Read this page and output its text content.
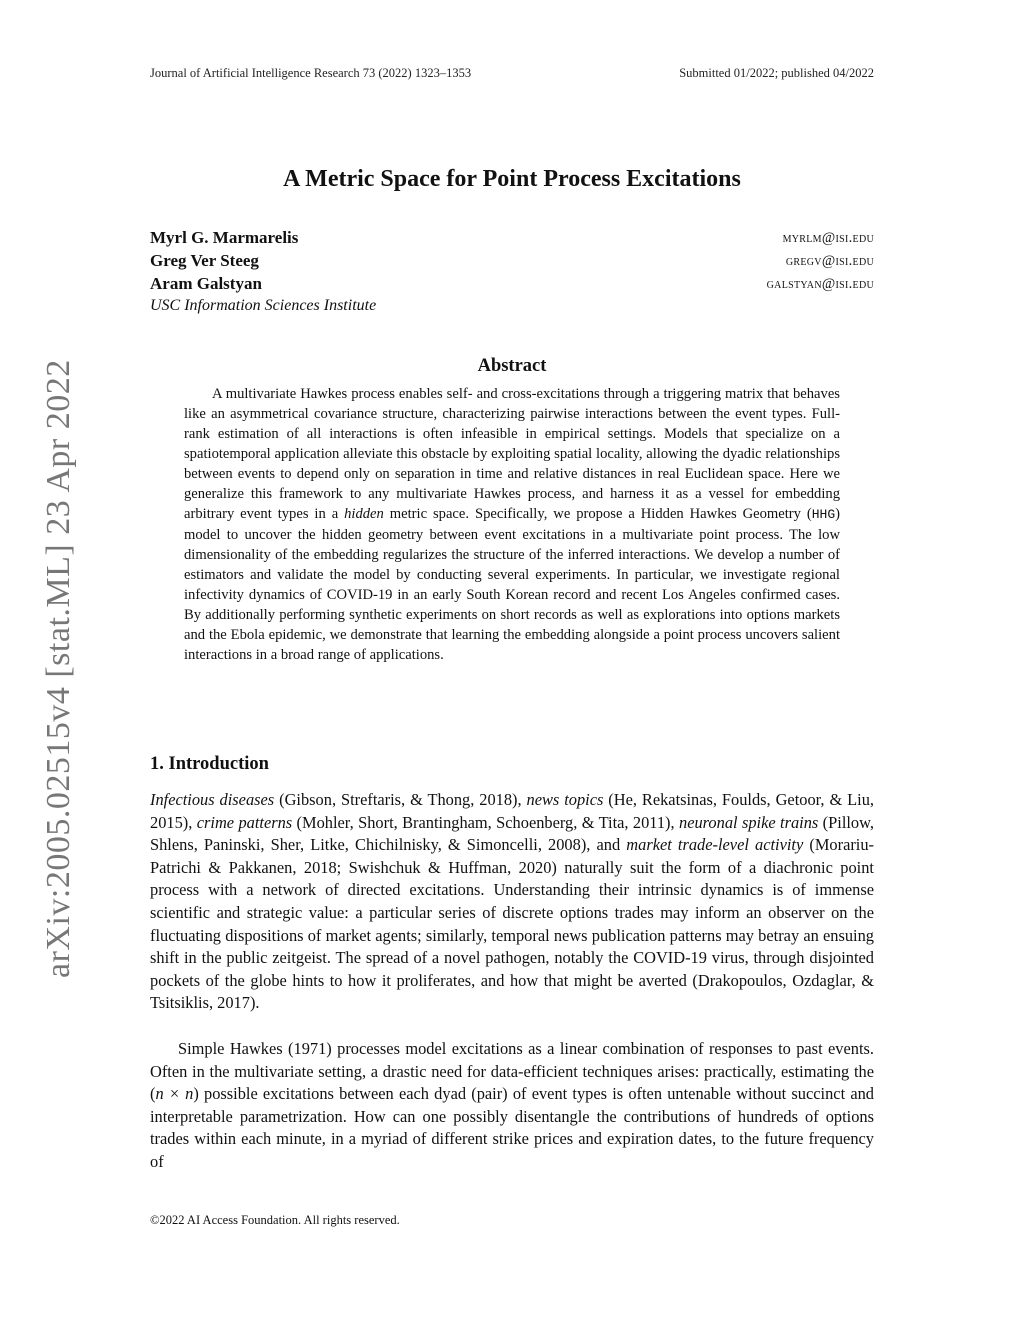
Journal of Artificial Intelligence Research 73 (2022) 1323–1353	Submitted 01/2022; published 04/2022
A Metric Space for Point Process Excitations
Myrl G. Marmarelis	myrlm@isi.edu
Greg Ver Steeg	gregv@isi.edu
Aram Galstyan	galstyan@isi.edu
USC Information Sciences Institute
arXiv:2005.02515v4 [stat.ML] 23 Apr 2022	Abstract
A multivariate Hawkes process enables self- and cross-excitations through a triggering matrix that behaves like an asymmetrical covariance structure, characterizing pairwise interactions between the event types. Full-rank estimation of all interactions is often infeasible in empirical settings. Models that specialize on a spatiotemporal application alleviate this obstacle by exploiting spatial locality, allowing the dyadic relationships between events to depend only on separation in time and relative distances in real Euclidean space. Here we generalize this framework to any multivariate Hawkes process, and harness it as a vessel for embedding arbitrary event types in a hidden metric space. Specifically, we propose a Hidden Hawkes Geometry (HHG) model to uncover the hidden geometry between event excitations in a multivariate point process. The low dimensionality of the embedding regularizes the structure of the inferred interactions. We develop a number of estimators and validate the model by conducting several experiments. In particular, we investigate regional infectivity dynamics of COVID-19 in an early South Korean record and recent Los Angeles confirmed cases. By additionally performing synthetic experiments on short records as well as explorations into options markets and the Ebola epidemic, we demonstrate that learning the embedding alongside a point process uncovers salient interactions in a broad range of applications.
1. Introduction
Infectious diseases (Gibson, Streftaris, & Thong, 2018), news topics (He, Rekatsinas, Foulds, Getoor, & Liu, 2015), crime patterns (Mohler, Short, Brantingham, Schoenberg, & Tita, 2011), neuronal spike trains (Pillow, Shlens, Paninski, Sher, Litke, Chichilnisky, & Simoncelli, 2008), and market trade-level activity (Morariu-Patrichi & Pakkanen, 2018; Swishchuk & Huffman, 2020) naturally suit the form of a diachronic point process with a network of directed excitations. Understanding their intrinsic dynamics is of immense scientific and strategic value: a particular series of discrete options trades may inform an observer on the fluctuating dispositions of market agents; similarly, temporal news publication patterns may betray an ensuing shift in the public zeitgeist. The spread of a novel pathogen, notably the COVID-19 virus, through disjointed pockets of the globe hints to how it proliferates, and how that might be averted (Drakopoulos, Ozdaglar, & Tsitsiklis, 2017).
Simple Hawkes (1971) processes model excitations as a linear combination of responses to past events. Often in the multivariate setting, a drastic need for data-efficient techniques arises: practically, estimating the (n × n) possible excitations between each dyad (pair) of event types is often untenable without succinct and interpretable parametrization. How can one possibly disentangle the contributions of hundreds of options trades within each minute, in a myriad of different strike prices and expiration dates, to the future frequency of
©2022 AI Access Foundation. All rights reserved.
